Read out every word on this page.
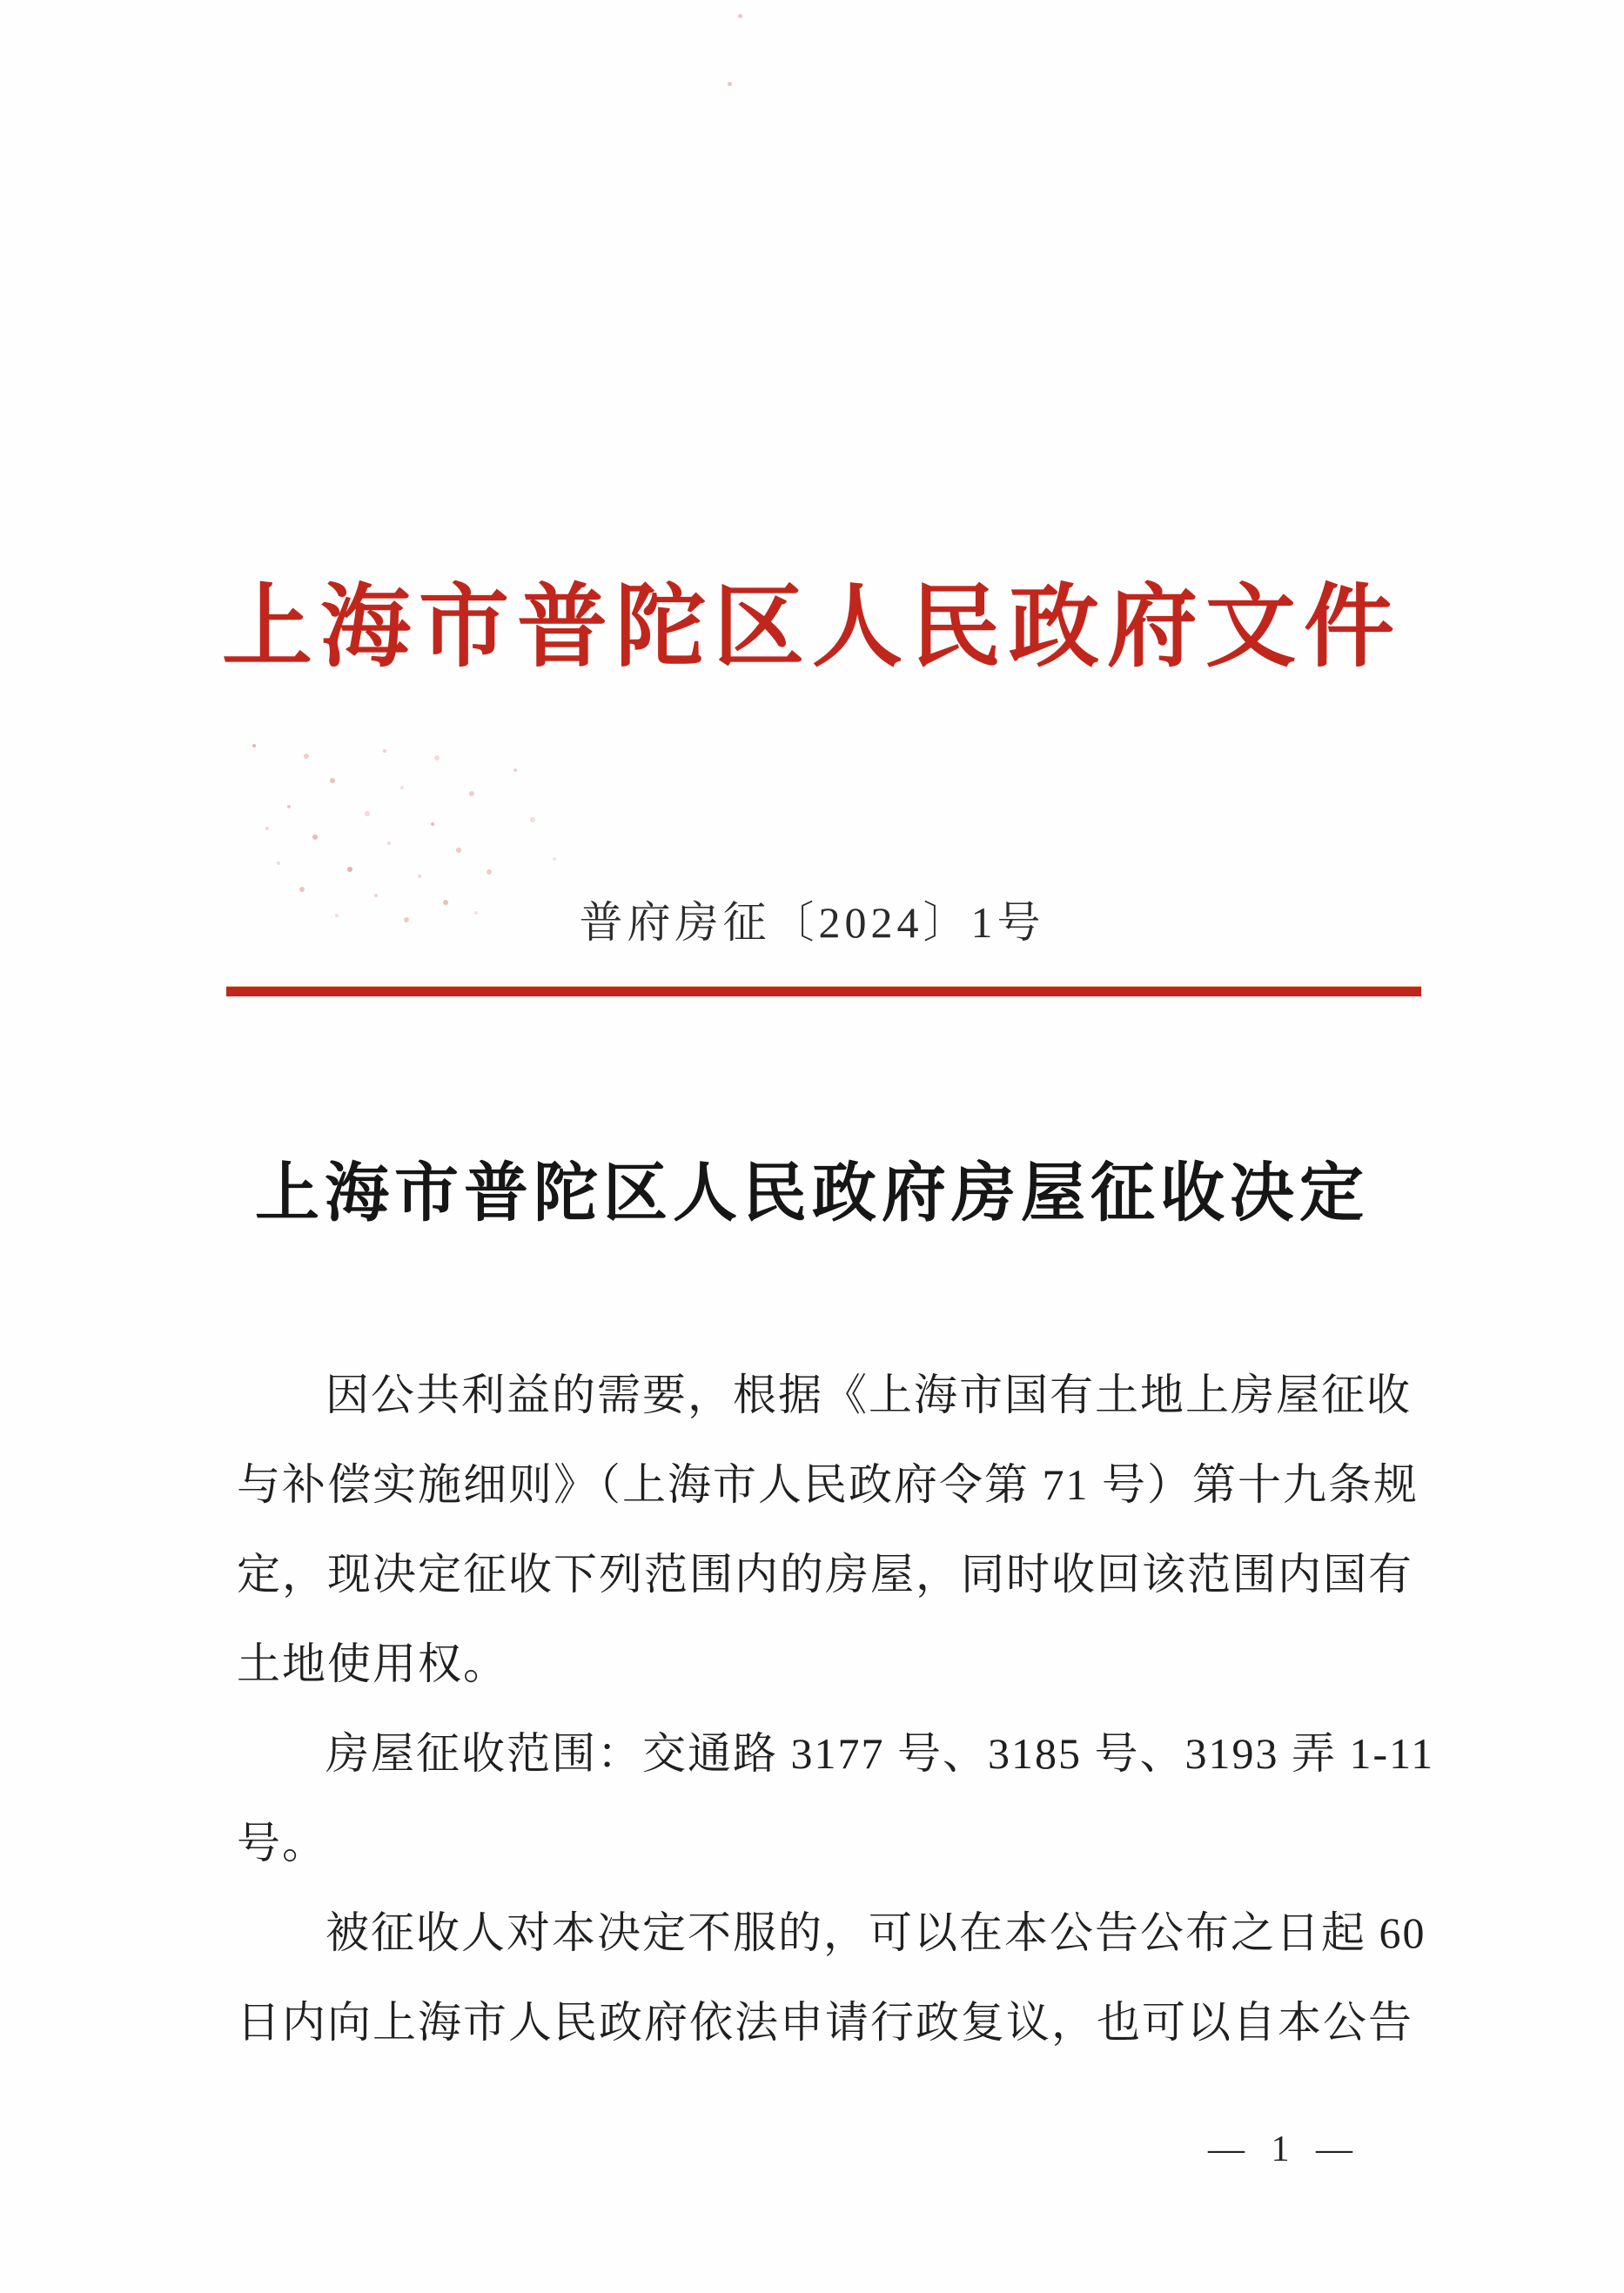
上海市普陀区人民政府文件
普府房征〔2024〕1号
上海市普陀区人民政府房屋征收决定
因公共利益的需要，根据《上海市国有土地上房屋征收
与补偿实施细则》（上海市人民政府令第 71 号）第十九条规
定，现决定征收下列范围内的房屋，同时收回该范围内国有
土地使用权。
房屋征收范围：交通路 3177 号、3185 号、3193 弄 1-11
号。
被征收人对本决定不服的，可以在本公告公布之日起 60
日内向上海市人民政府依法申请行政复议，也可以自本公告
— 1 —
